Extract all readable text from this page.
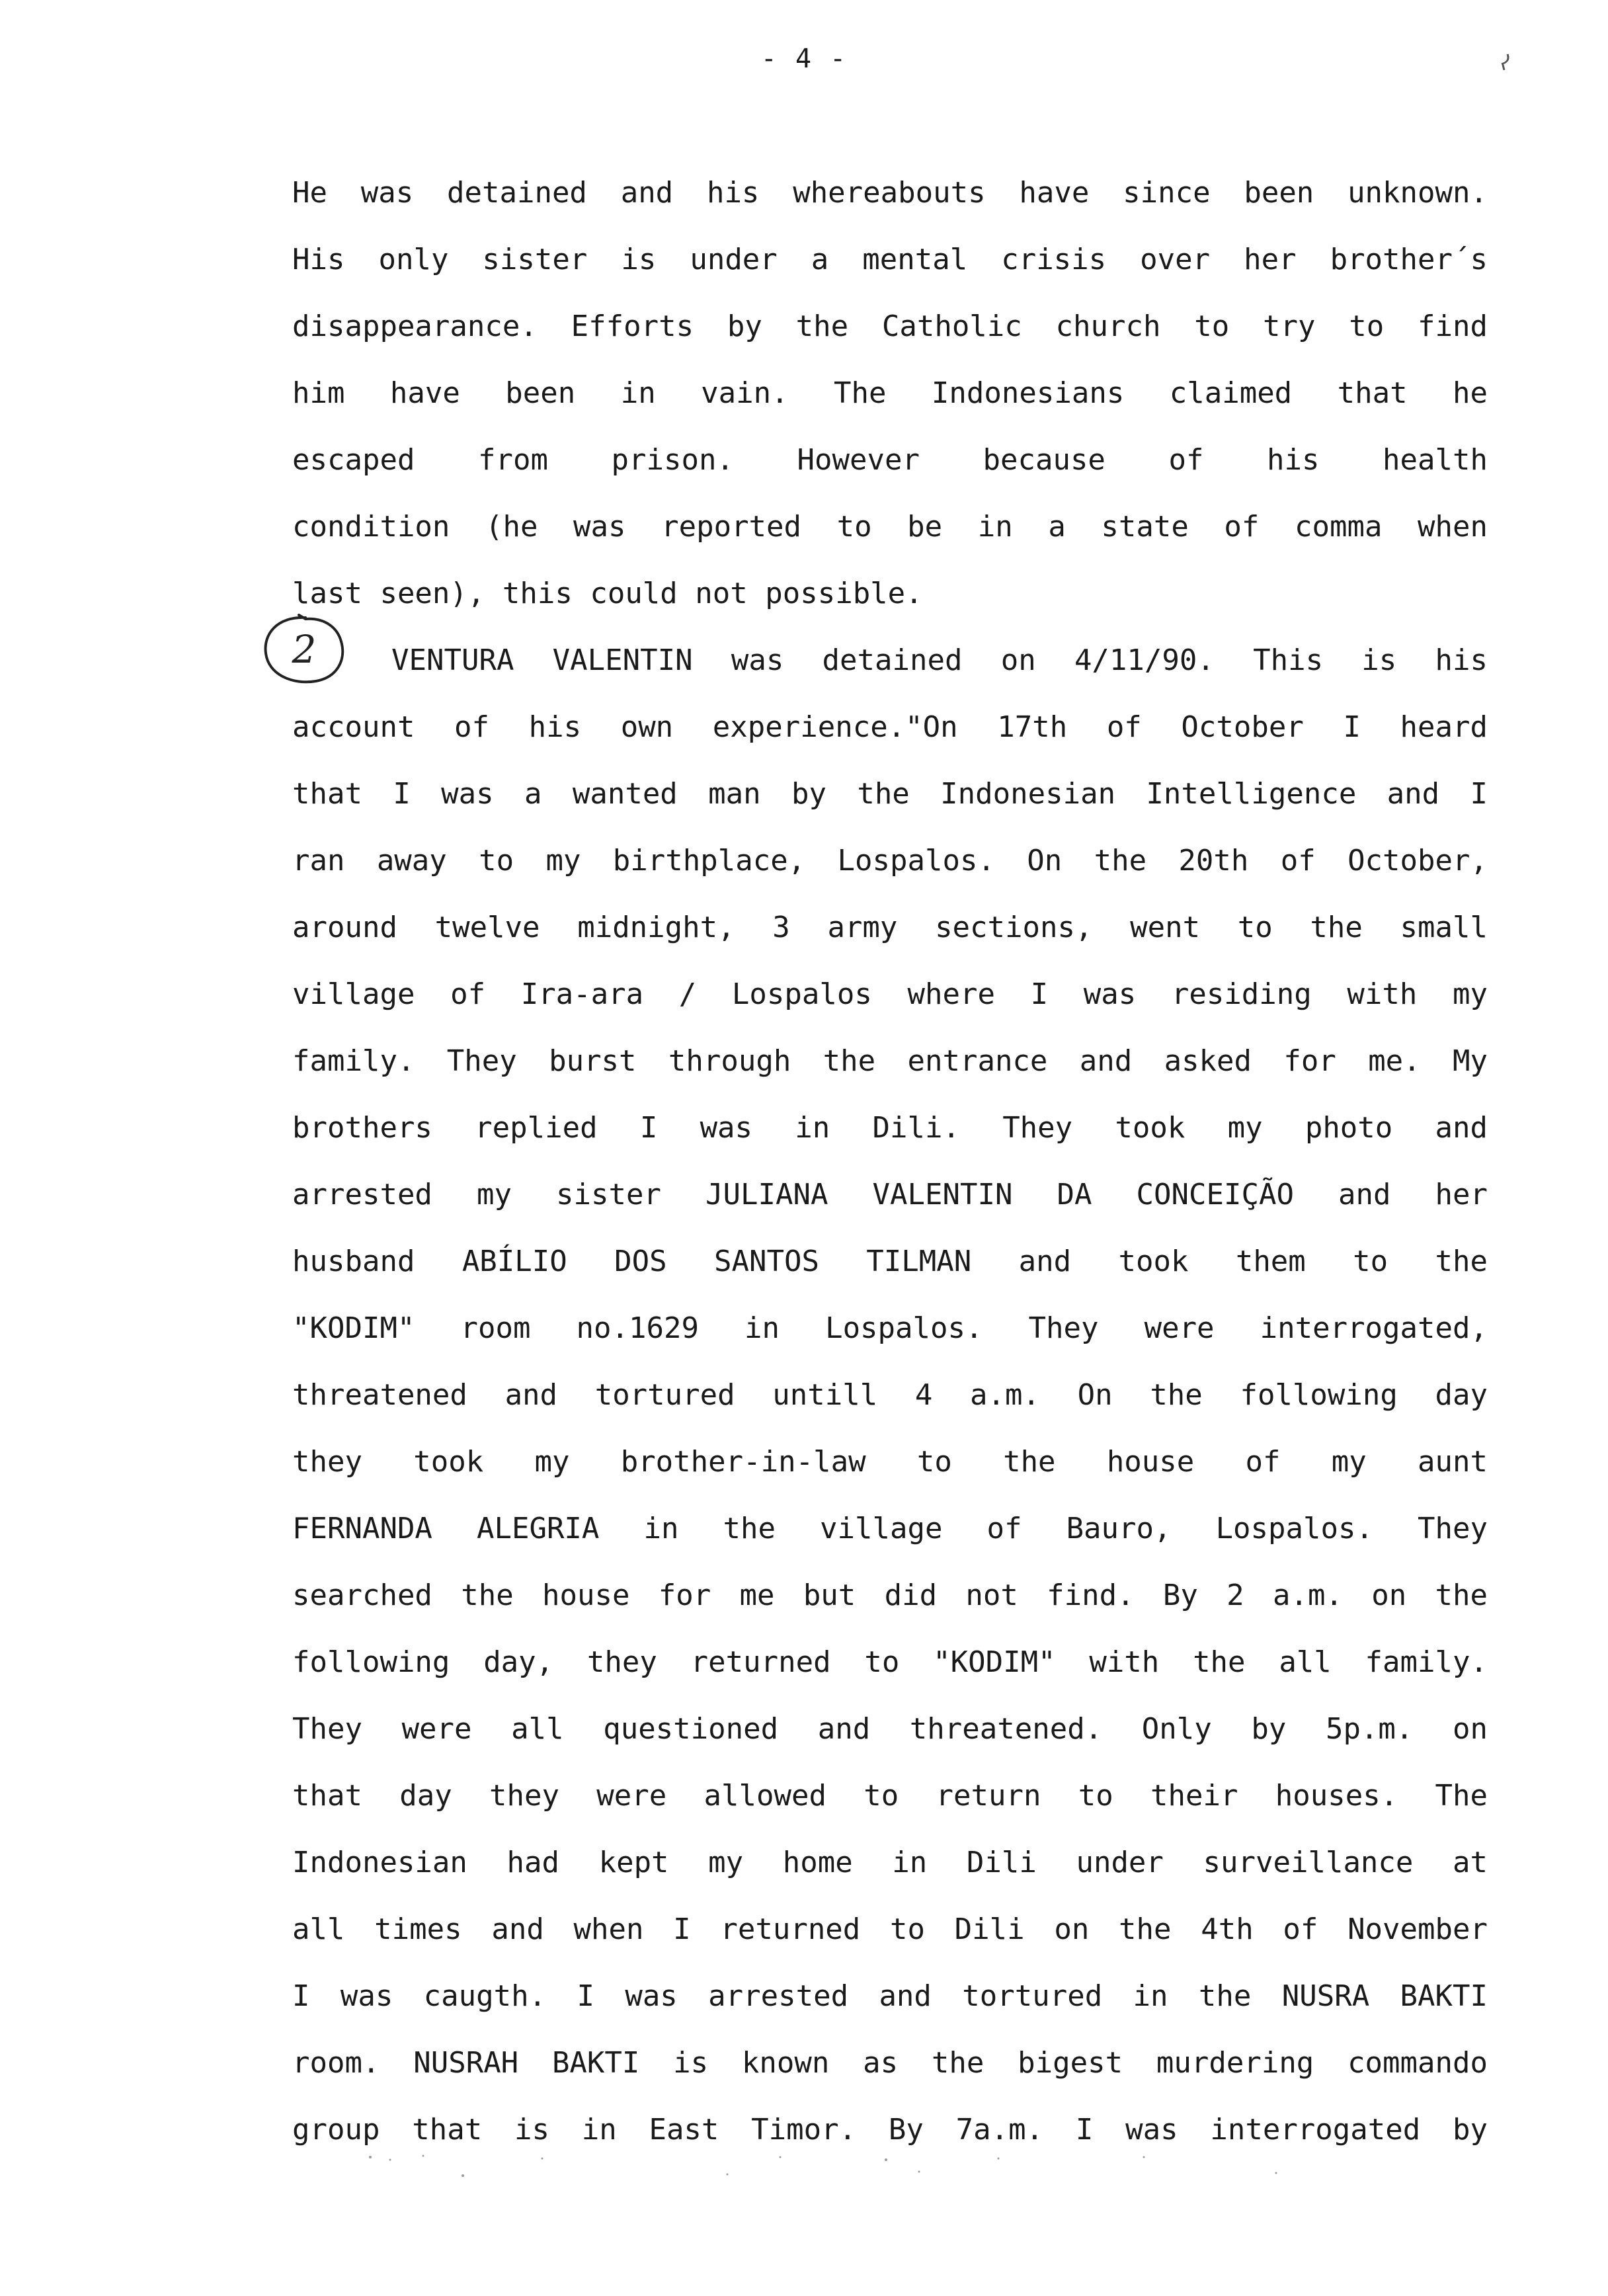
- 4 -	ᓯ
2
He was detained and his whereabouts have since been unknown.
His only sister is under a mental crisis over her brother´s
disappearance. Efforts by the Catholic church to try to find
him have been in vain. The Indonesians claimed that he
escaped from prison. However because of his health
condition (he was reported to be in a state of comma when
last seen), this could not possible.
VENTURA VALENTIN was detained on 4/11/90. This is his
account of his own experience."On 17th of October I heard
that I was a wanted man by the Indonesian Intelligence and I
ran away to my birthplace, Lospalos. On the 20th of October,
around twelve midnight, 3 army sections, went to the small
village of Ira-ara / Lospalos where I was residing with my
family. They burst through the entrance and asked for me. My
brothers replied I was in Dili. They took my photo and
arrested my sister JULIANA VALENTIN DA CONCEIÇÃO and her
husband ABÍLIO DOS SANTOS TILMAN and took them to the
"KODIM" room no.1629 in Lospalos. They were interrogated,
threatened and tortured untill 4 a.m. On the following day
they took my brother-in-law to the house of my aunt
FERNANDA ALEGRIA in the village of Bauro, Lospalos. They
searched the house for me but did not find. By 2 a.m. on the
following day, they returned to "KODIM" with the all family.
They were all questioned and threatened. Only by 5p.m. on
that day they were allowed to return to their houses. The
Indonesian had kept my home in Dili under surveillance at
all times and when I returned to Dili on the 4th of November
I was caugth. I was arrested and tortured in the NUSRA BAKTI
room. NUSRAH BAKTI is known as the bigest murdering commando
group that is in East Timor. By 7a.m. I was interrogated by
